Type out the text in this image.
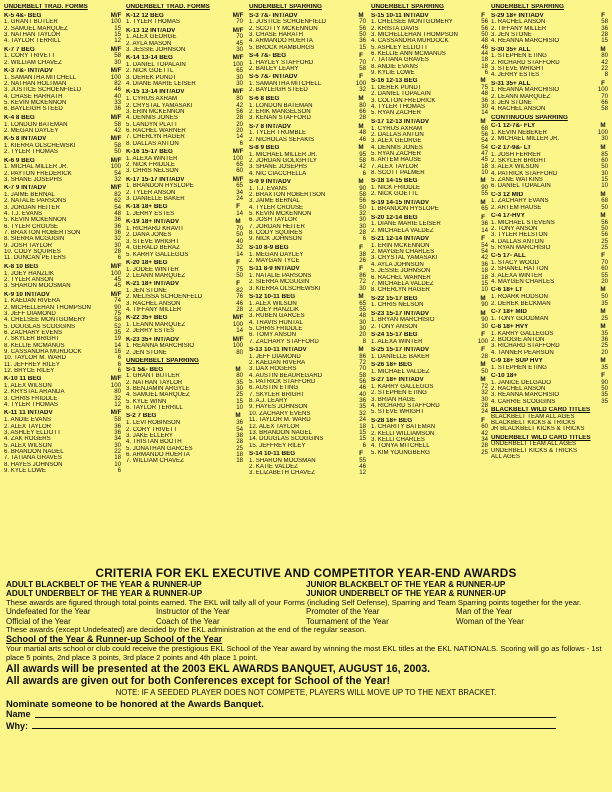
UNDERBELT TRAD. FORMS
K-5 4&- BEG	M/F
1. GRANT BUTLER	100
2. SAMUEL MARQUEZ	15
3. NATHAN TAYLOR	15
4. TAYLOR TERRILL	12
K-7 7 BEG	M/F
1. CORY TRIVETT	58
2. WILLIAM CHAVEZ	30
K-3 7&- INT/ADV	M/F
1. SAMANTHA MITCHELL	100
2. NATHAN HOLTMAN	82
3. JUSTICE SCHOENFIELD	46
4. CHASE HARRATH	40
5. KEVIN MCKENNON	33
6. BAYLEIGH STEED	36
K-4 8 BEG	M/F
1. LONDON BATEMAN	58
2. MEGAN DAYLEY	42
K-5 8 INT/ADV	M/F
1. KIERRA OLSCHEWSKI	58
2. TYLER THOMAS	50
K-6 9 BEG	M/F
1. MICHAL MILLER JR.	100
2. PAYTON FREDERICK	54
3. SHANE JOSEPHS	32
K-7 9 INT/ADV	M/F
1. JAIME BERNAL	82
2. NATALIE PARSONS	62
3. JORDAN HEITER	54
4. T.J. EVANS	48
5. KEVIN MCKENNON	36
6. TYLER CROUSE	36
7. BRAXTON ROBERTSON	36
8. SIERRA MCGUGIN	32
9. JOSH TAYLOR	30
10. CODY SQUIRES	28
11. DUNCAN PETERS	6
K-8 10 BEG	M/F
1. JOEY HANZLIK	100
2. TYLER ANSON	45
3. SHARON MOOSMAN	45
K-9 10 INT/ADV	M/F
1. KAEDAN RIVERA	74
2. MICHELLEHAN THOMPSON	90
3. JEFF DIAMOND	75
4. CHELSEE MONTGOMERY	58
5. DOUGLAS SCOGGINS	52
6. ZACHARY EVENS	35
7. SKYLER BRIGHT	19
8. KELLIE MCMANUS	14
9. CASSANDRA MURDOCK	16
10. TAYLOR M. WARD	6
11. JEFFREY RILEY	6
12. BRYCE RILEY	6
K-10 11 BEG	M/F
1. ALEX WILSON	100
2. KRYSTAL ARANDA	80
3. CHRIS FRIDDLE	32
4. TYLER THOMAS	12
K-11 11 INT/ADV	M/F
1. ANDIE EVANS	58
2. ALEX TAYLOR	36
3. ASHLEY ELLIOTT	36
4. ZAK ROGERS	34
5. ALEX WILSON	30
6. BRANDON NAGEL	22
7. TATIANA GRAVES	18
8. HAYES JOHNSON	10
9. KYLE LOWE	6
UNDERBELT TRAD. FORMS
K-12 12 BEG	M/F
1. TYLER THOMAS	70
K-13 12 INT/ADV	M/F
1. ALEX GEORGE	70
2. AYLA MASON	45
3. JESSIE JOHNSON	30
K-14 13-14 BEG	M/F
1. DANIEL TOPALAIN	100
2. NICK GOETTL	65
3. DEREK PUNDT	30
4. DIANE MARIE LEISER	30
K-15 13-14 INT/ADV	M/F
1. CYRUS AXRAM	80
2. CRYSTAL YAMASAKI	42
3. ERIN MCKENNON	56
4. DENNIS JONES	28
5. LANDYN PLATT	20
6. RACHEL WARNER	20
7. CHERLYN HAGER	14
8. DALLAS ANTON	6
K-16 15-17 BEG	M/F
1. ALEXA WINTER	100
2. NICK FRIDDLE	65
3. CHRIS NELSON	60
K-17 15-17 INT/ADV	M/F
1. BRANDON HYSLOPE	65
2. TYLER ANSON	34
3. DANIELLE BAKER	24
K-18 18+ BEG	F
1. JERRY ESTES	14
K-19 18+ INT/ADV	M
1. RICHARD KRAVIT	70
2. DANA JONES	50
3. STEVE WRIGHT	40
4. GERALD BERAZ	32
5. KARRY GALLEGOS	14
K-20 18+ BEG	F
1. JODEE WINTER	75
2. LEANN MARQUEZ	50
K-21 18+ INT/ADV	F
1. JEN STONE	82
2. MELISSA SCHOENFELD	76
3. RACHEL ANSON	46
4. TIFFANY MILLER	28
K-22 35+ BEG	M/F
1. LEANN MARQUEZ	100
2. JERRY ESTES	14
K-23 35+ INT/ADV	M/F
1. REANNA MARCHISIO	100
2. JEN STONE	80
UNDERBELT SPARRING
S-1 5&- BEG	M
1. GRANT BUTLER	80
2. NATHAN TAYLOR	35
3. BENJAMIN ARGYLE	30
4. SAMUEL MARQUEZ	25
5. KYLE WINN	15
6. TAYLOR TERRILL	10
S-2 7 BEG	M
1. LEVI ROBINSON	36
2. CORY TRIVETT	54
3. JAKE ELLERY	38
4. TRISTAN BOOTH	28
5. JONATHAN GARCES	25
6. ARMANDO HUERTA	18
7. WILLIAM CHAVEZ	18
UNDERBELT SPARRING
S-3 7&- INT/ADV	M
1. JUSTICE SCHOENFIELD	70
2. SCOTTY MCKENNON	56
3. CHASE HARATH	50
4. ARMANDO HUERTA	36
5. BROCK RAMBURGS	15
S-4 7&- BEG	F
1. HAYLEY STAFFORD	70
2. BAILEY LEARY	58
S-5 7&- INT/ADV	F
1. SAMANTHA MITCHELL	100
2. BAYLEIGH STEED	32
S-6 8 BEG	M
1. LONDON BATEMAN	80
2. ERIK MANGELSON	66
3. KENAN STAFFORD	28
S-7 8 INT/ADV	M
1. TYLER TRUMBLE	48
2. NICHOLAS SEFAKIS	46
S-8 9 BEG	M
1. MICHAEL MILLER JR.	95
2. JORDAN GOLIGHTLY	58
3. SHANE JOSEPHS	42
4. NIC CIACCHELLA	6
S-9 9 INT/ADV	M
1. T.J. EVANS	90
2. BRAXTON ROBERTSON	58
3. JAIME BERNAL	56
4. TYLER CROUSE	50
5. KEVIN MCKENNON	32
6. JOSH TAYLOR	30
7. JORDAN HEITER	30
8. CODY SQUIRES	28
9. NICK JOHNSON	6
S-10 8-9 BEG	F
1. MEGAN DAYLEY	38
2. MAYGAN TYCE	26
S-11 8-9 INT/ADV	F
1. NATALIE PARSONS	86
2. SIERRA MCGUGIN	72
3. KIERRA OLSCHEWSKI	30
S-12 10-11 BEG	M
1. ALEX WILSON	65
2. JOEY HANZLIK	55
3. RUBEN GARCES	48
4. TRAVIS HUNTAL	30
5. CHRIS FRIDDLE	30
6. TOMY ANSON	20
7. ZACHARY STAFFORD	8
S-13 10-11 INT/ADV	M
1. JEFF DIAMOND	86
2. KAEDAN RIVERA	72
3. DAX ROGERS	70
4. AUSTIN BEAUREGARD	58
5. PATRICK STAFFORD	56
6. AUSTIN ETING	46
7. SKYLER BRIGHT	40
8. A.J. LEARY	36
9. HAYES JOHNSON	35
10. ZACHARY EVENS	32
11. TAYLOR M. WARD	24
12. ALEX TAYLOR	18
13. BRANDON NAGEL	15
14. DOUGLAS SCOGGINS	15
15. JEFFREY RILEY	6
S-14 10-11 BEG	F
1. SHARON MOOSMAN	55
2. KATIE VALDEZ	46
3. ELIZABETH CHAVEZ	12
UNDERBELT SPARRING
S-15 10-11 INT/ADV	F
1. CHELSEE MONTGOMERY	56
2. KRISTA DAVIS	56
3. MICHELLEHAN THOMPSON	50
4. CASSANDRA MURDOCK	48
5. ASHLEY ELLIOTT	46
6. KELLIE ANN MCMANUS	44
7. TATIANA GRAVES	18
8. ANDIE EVANS	18
9. KYLIE LOWE	6
S-16 12-13 BEG	M
1. DEREK PUNDT	75
2. DANIEL TOPALAIN	48
3. COLTON FREDRICK	36
4. TYLER THOMAS	30
5. RYAN ZACHER	14
S-17 12-13 INT/ADV	M
1. CYRUS AXRAM	68
2. DALLAS ANTON	56
3. ALEX GEORGE	54
4. DENNIS JONES	54
5. RYAN ZACHER	47
6. ARTEM HAUSE	45
7. ALEX TAYLOR	18
8. SCOTT PALMER	10
S-18 14-15 BEG	M
1. NICK FRIDDLE	90
2. NICK GOETTL	55
S-19 14-15 INT/ADV	M
1. BRANDON HYSLOPE	65
S-20 12-14 BEG	F
1. DIANE MARIE LEISER	36
2. MICHAELA VALDEZ	14
S-21 12-14 INT/ADV	F
1. ERIN MCKENNON	54
2. MAYGEN CHARLES	54
3. CRYSTAL YAMASAKI	42
4. AYLA JOHNSON	36
5. JESSIE JOHNSON	18
6. RACHEL WARNER	18
7. MICHAELA VALDEZ	15
8. CHERLYN HAGER	10
S-22 15-17 BEG	M
1. CHRIS NELSON	90
S-23 15-17 INT/ADV	M
1. BRYAN MARCHISIO	90
2. TONY ANSON	30
S-24 15-17 BEG	F
1. ALEXA WINTER	100
S-25 15-17 INT/ADV	F
1. DANIELLE BAKER	28
S-26 18+ BEG	M
1. MICHAEL VALDEZ	50
S-27 18+ INT/ADV	M
1. KARRY GALLEGOS	72
2. STEPHEN ETING	32
3. BRIAN HAGE	30
4. RICHARD STAFFORD	28
5. STEVE WRIGHT	24
S-28 18+ BEG	F
1. CHARITY BATEMAN	60
2. KELLI WILLIAMSON	42
3. KELLI CHARLES	34
4. TONYA MITCHELL	28
5. KIM YOUNGBERG	25
UNDERBELT SPARRING
S-29 18+ INT/ADV	F
1. RACHEL ANSON	58
2. TIFFANY MILLER	36
3. JEN STONE	28
4. REANNA MARCHISIO	15
S-30 35+ ALL	M
1. STEPHEN ETING	80
2. RICHARD STAFFORD	42
3. STEVE WRIGHT	22
4. JERRY ESTES	8
S-31 35+ ALL	F
1. REANNA MARCHISIO	100
2. LEANN MARQUEZ	70
3. JEN STONE	66
4. RACHEL ANSON	58
CONTINUOUS SPARRING
C-1 12-7&- FLY	M
1. KEVIN NEBEKER	100
2. MICHAEL MILLER JR.	30
C-2 17-9&- LT	M
1. JOSH FERRER	85
2. SKYLER BRIGHT	60
3. ALEX WILSON	50
4. PATRICK STAFFORD	30
5. ZANE WATKINS	15
6. DANIEL TOPALAIN	10
C-3 12 MID	M
1. ZACHARY EVANS	68
2. ARTEM HAUSE	50
C-4 17-HVY	M
1. MICHAEL STEVENS	56
2. TONY ANSON	50
3. TYLER HELSTON	56
4. DALLAS ANTON	25
5. RYAN MARCHISIO	25
C-5 17- ALL	F
1. STACY WOOD	70
2. SHANEL HATTON	60
3. ALEXA WINTER	55
4. MAYGEN CHARLES	20
C-6 18+ LT	M
1. ROARK HODSON	50
2. DEREK BECKMAN	35
C-7 18+ MID	M
1. TONY GOODMAN	25
C-8 18+ HVY	M
1. KARRY GALLEGOS	35
2. BOOGIE ANTON	36
3. RICHARD STAFFORD	25
4. TANNER PEARSON	20
C-9 18+ SUP HVY	M
1. STEPHEN ETING	35
C-10 18+	F
1. JANICE DELGADO	90
2. RACHEL ANSON	50
3. REANNA MARCHISIO	35
4. CARRIE SCOGGINS	35
BLACKBELT WILD CARD TITLES
BLACKBELT TEAM ALL AGES
BLACKBELT KICKS & TRICKS
JR BLACKBELT KICKS & TRICKS
UNDERBELT WILD CARD TITLES
UNDERBELT TEAM ALL AGES
UNDERBELT KICKS & TRICKS
ALL AGES
CRITERIA FOR EKL EXECUTIVE AND COMPETITOR YEAR-END AWARDS
ADULT BLACKBELT OF THE YEAR & RUNNER-UP	JUNIOR BLACKBELT OF THE YEAR & RUNNER-UP
ADULT UNDERBELT OF THE YEAR & RUNNER-UP	JUNIOR UNDERBELT OF THE YEAR & RUNNER-UP
These awards are figured through total points earned. The EKL will tally all of your Forms (including Self Defense), Sparring and Team Sparring points together for the year.
Undefeated for the Year	Instructor of the Year	Promoter of the Year	Man of the Year
Official of the Year	Coach of the Year	Tournament of the Year	Woman of the Year
These awards (except Undefeated) are decided by the EKL administration at the end of the regular season.
School of the Year & Runner-up School of the Year
Your martial arts school or club could receive the prestigious EKL School of the Year award by winning the most EKL titles at the EKL NATIONALS. Scoring will go as follows - 1st place 5 points, 2nd place 3 points, 3rd place 2 points and 4th place 1 point.
All awards will be presented at the 2003 EKL AWARDS BANQUET, AUGUST 16, 2003.
All awards are given out for both Conferences except for School of the Year!
NOTE: IF A SEEDED PLAYER DOES NOT COMPETE, PLAYERS WILL MOVE UP TO THE NEXT BRACKET.
Nominate someone to be honored at the Awards Banquet.
Name
Why:
